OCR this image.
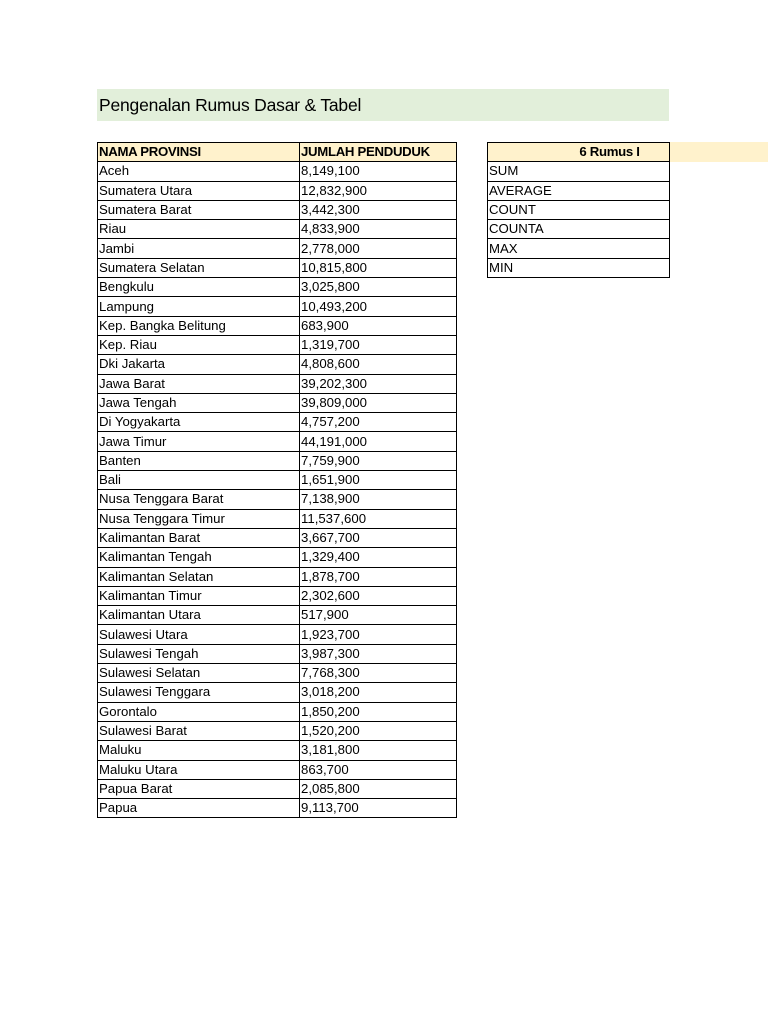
Pengenalan Rumus Dasar & Tabel
NAMA PROVINSI	JUMLAH PENDUDUK
Aceh	8,149,100
Sumatera Utara	12,832,900
Sumatera Barat	3,442,300
Riau	4,833,900
Jambi	2,778,000
Sumatera Selatan	10,815,800
Bengkulu	3,025,800
Lampung	10,493,200
Kep. Bangka Belitung	683,900
Kep. Riau	1,319,700
Dki Jakarta	4,808,600
Jawa Barat	39,202,300
Jawa Tengah	39,809,000
Di Yogyakarta	4,757,200
Jawa Timur	44,191,000
Banten	7,759,900
Bali	1,651,900
Nusa Tenggara Barat	7,138,900
Nusa Tenggara Timur	11,537,600
Kalimantan Barat	3,667,700
Kalimantan Tengah	1,329,400
Kalimantan Selatan	1,878,700
Kalimantan Timur	2,302,600
Kalimantan Utara	517,900
Sulawesi Utara	1,923,700
Sulawesi Tengah	3,987,300
Sulawesi Selatan	7,768,300
Sulawesi Tenggara	3,018,200
Gorontalo	1,850,200
Sulawesi Barat	1,520,200
Maluku	3,181,800
Maluku Utara	863,700
Papua Barat	2,085,800
Papua	9,113,700
6 Rumus I
SUM
AVERAGE
COUNT
COUNTA
MAX
MIN
